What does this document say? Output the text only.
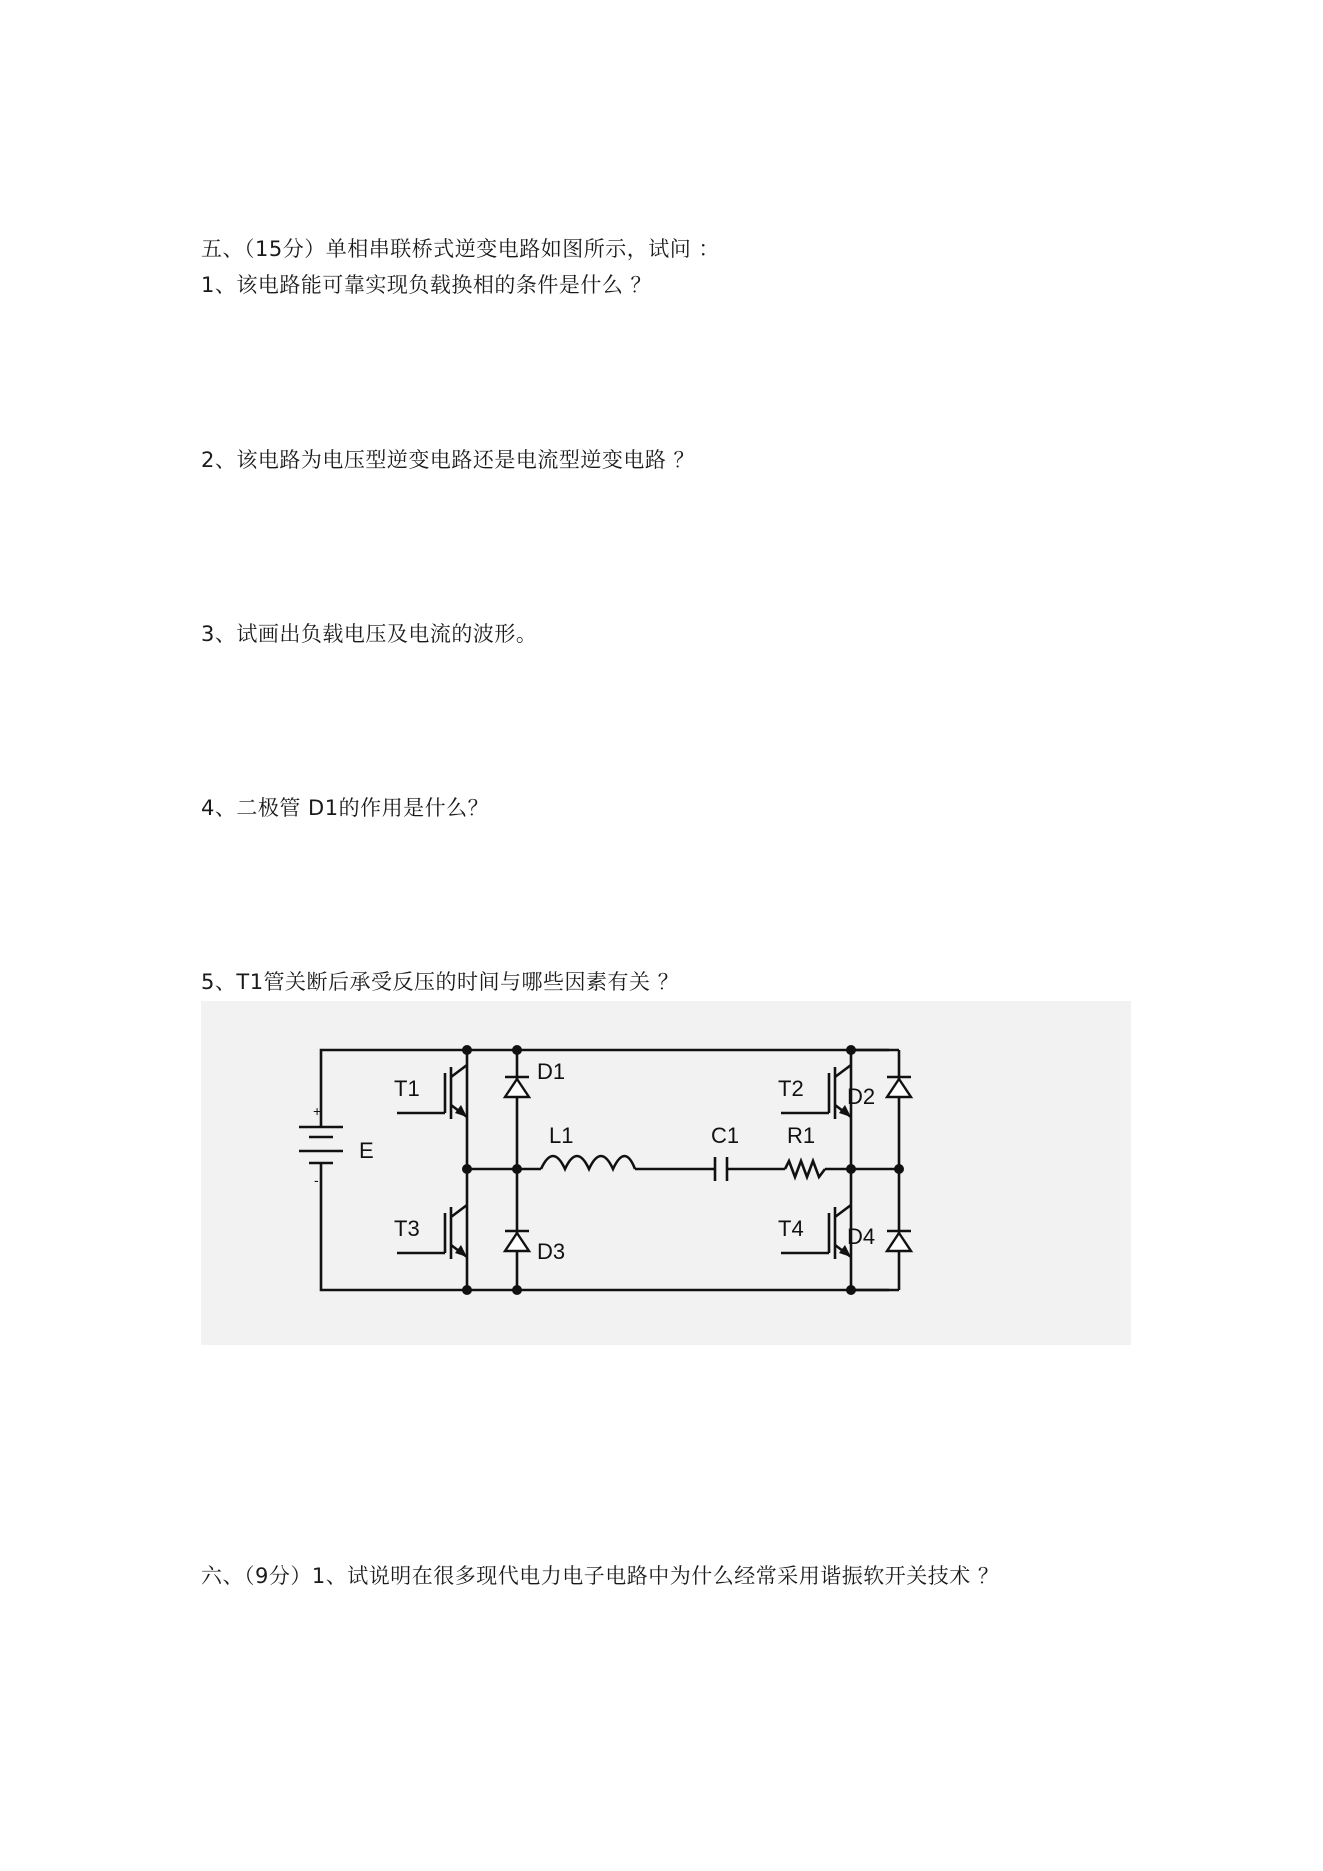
五、（15分）单相串联桥式逆变电路如图所示，试问 ：
1、该电路能可靠实现负载换相的条件是什么 ？
2、该电路为电压型逆变电路还是电流型逆变电路 ？
3、试画出负载电压及电流的波形。
4、二极管 D1的作用是什么？
5、T1管关断后承受反压的时间与哪些因素有关 ？
+
-
E
T1
T3
D1
D3
L1	C1 R1
T2
T4
D2
D4
六、（9分）1、试说明在很多现代电力电子电路中为什么经常采用谐振软开关技术 ？
